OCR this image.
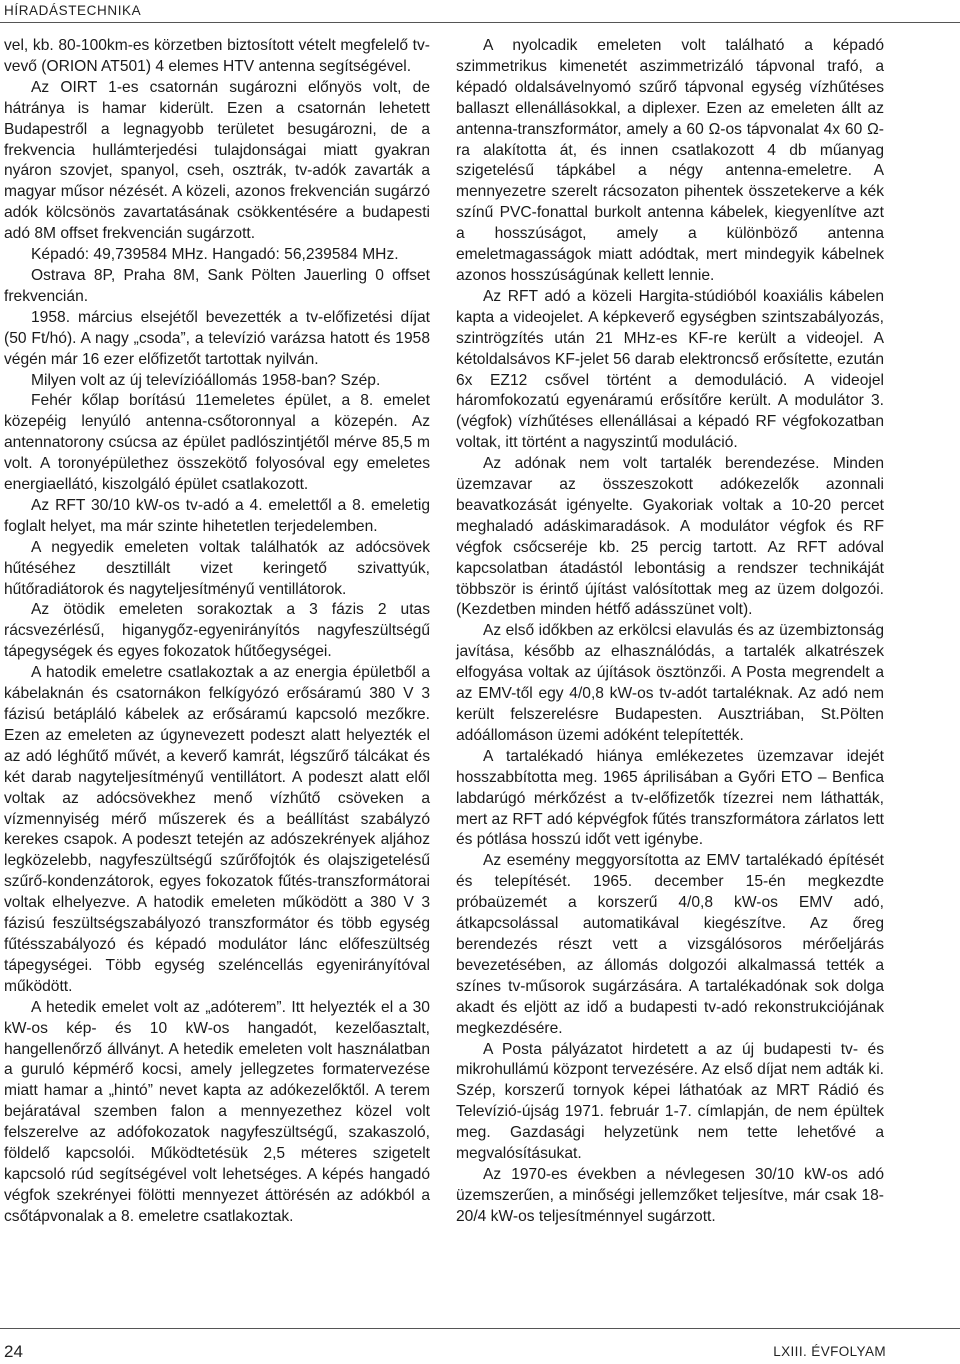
HÍRADÁSTECHNIKA

vel, kb. 80-100km-es körzetben biztosított vételt megfelelő tv-vevő (ORION AT501) 4 elemes HTV antenna segítségével.

Az OIRT 1-es csatornán sugározni előnyös volt, de hátránya is hamar kiderült. Ezen a csatornán lehetett Budapestről a legnagyobb területet besugározni, de a frekvencia hullámterjedési tulajdonságai miatt gyakran nyáron szovjet, spanyol, cseh, osztrák, tv-adók zavarták a magyar műsor nézését. A közeli, azonos frekvencián sugárzó adók kölcsönös zavartatásának csökkentésére a budapesti adó 8M offset frekvencián sugárzott.

Képadó: 49,739584 MHz. Hangadó: 56,239584 MHz.

Ostrava 8P, Praha 8M, Sank Pölten Jauerling 0 offset frekvencián.

1958. március elsejétől bevezették a tv-előfizetési díjat (50 Ft/hó). A nagy „csoda”, a televízió varázsa hatott és 1958 végén már 16 ezer előfizetőt tartottak nyilván.

Milyen volt az új televízióállomás 1958-ban? Szép.

Fehér kőlap borítású 11emeletes épület, a 8. emelet közepéig lenyúló antenna-csőtoronnyal a közepén. Az antennatorony csúcsa az épület padlószintjétől mérve 85,5 m volt. A toronyépülethez összekötő folyosóval egy emeletes energiaellátó, kiszolgáló épület csatlakozott.

Az RFT 30/10 kW-os tv-adó a 4. emelettől a 8. emeletig foglalt helyet, ma már szinte hihetetlen terjedelemben.

A negyedik emeleten voltak találhatók az adócsövek hűtéséhez desztillált vizet keringető szivattyúk, hűtőradiátorok és nagyteljesítményű ventillátorok.

Az ötödik emeleten sorakoztak a 3 fázis 2 utas rácsvezérlésű, higanygőz-egyenirányítós nagyfeszültségű tápegységek és egyes fokozatok hűtőegységei.

A hatodik emeletre csatlakoztak a az energia épületből a kábelaknán és csatornákon felkígyózó erősáramú 380 V 3 fázisú betápláló kábelek az erősáramú kapcsoló mezőkre. Ezen az emeleten az úgynevezett podeszt alatt helyezték el az adó léghűtő művét, a keverő kamrát, légszűrő tálcákat és két darab nagyteljesítményű ventillátort. A podeszt alatt elől voltak az adócsövekhez menő vízhűtő csöveken a vízmennyiség mérő műszerek és a beállítást szabályzó kerekes csapok. A podeszt tetején az adószekrények aljához legközelebb, nagyfeszültségű szűrőfojtók és olajszigetelésű szűrő-kondenzátorok, egyes fokozatok fűtés-transzformátorai voltak elhelyezve. A hatodik emeleten működött a 380 V 3 fázisú feszültségszabályozó transzformátor és több egység fűtésszabályozó és képadó modulátor lánc előfeszültség tápegységei. Több egység szeléncellás egyenirányítóval működött.

A hetedik emelet volt az „adóterem”. Itt helyezték el a 30 kW-os kép- és 10 kW-os hangadót, kezelőasztalt, hangellenőrző állványt. A hetedik emeleten volt használatban a guruló képmérő kocsi, amely jellegzetes formatervezése miatt hamar a „hintó” nevet kapta az adókezelőktől. A terem bejáratával szemben falon a mennyezethez közel volt felszerelve az adófokozatok nagyfeszültségű, szakaszoló, földelő kapcsolói. Működtetésük 2,5 méteres szigetelt kapcsoló rúd segítségével volt lehetséges. A képés hangadó végfok szekrényei fölötti mennyezet áttörésén az adókból a csőtápvonalak a 8. emeletre csatlakoztak.

A nyolcadik emeleten volt található a képadó szimmetrikus kimenetét aszimmetrizáló tápvonal trafó, a képadó oldalsávelnyomó szűrő tápvonal egység vízhűtéses ballaszt ellenállásokkal, a diplexer. Ezen az emeleten állt az antenna-transzformátor, amely a 60 Ω-os tápvonalat 4x 60 Ω-ra alakította át, és innen csatlakozott 4 db műanyag szigetelésű tápkábel a négy antenna-emeletre. A mennyezetre szerelt rácsozaton pihentek összetekerve a kék színű PVC-fonattal burkolt antenna kábelek, kiegyenlítve azt a hosszúságot, amely a különböző antenna emeletmagasságok miatt adódtak, mert mindegyik kábelnek azonos hosszúságúnak kellett lennie.

Az RFT adó a közeli Hargita-stúdióból koaxiális kábelen kapta a videojelet. A képkeverő egységben szintszabályozás, szintrögzítés után 21 MHz-es KF-re került a videojel. A kétoldalsávos KF-jelet 56 darab elektroncső erősítette, ezután 6x EZ12 csővel történt a demoduláció. A videojel háromfokozatú egyenáramú erősítőre került. A modulátor 3. (végfok) vízhűtéses ellenállásai a képadó RF végfokozatban voltak, itt történt a nagyszintű moduláció.

Az adónak nem volt tartalék berendezése. Minden üzemzavar az összeszokott adókezelők azonnali beavatkozását igényelte. Gyakoriak voltak a 10-20 percet meghaladó adáskimaradások. A modulátor végfok és RF végfok csőcseréje kb. 25 percig tartott. Az RFT adóval kapcsolatban átadástól lebontásig a rendszer technikáját többször is érintő újítást valósítottak meg az üzem dolgozói. (Kezdetben minden hétfő adásszünet volt).

Az első időkben az erkölcsi elavulás és az üzembiztonság javítása, később az elhasználódás, a tartalék alkatrészek elfogyása voltak az újítások ösztönzői. A Posta megrendelt a az EMV-től egy 4/0,8 kW-os tv-adót tartaléknak. Az adó nem került felszerelésre Budapesten. Ausztriában, St.Pölten adóállomáson üzemi adóként telepítették.

A tartalékadó hiánya emlékezetes üzemzavar idejét hosszabbította meg. 1965 áprilisában a Győri ETO – Benfica labdarúgó mérkőzést a tv-előfizetők tízezrei nem láthatták, mert az RFT adó képvégfok fűtés transzformátora zárlatos lett és pótlása hosszú időt vett igénybe.

Az esemény meggyorsította az EMV tartalékadó építését és telepítését. 1965. december 15-én megkezdte próbaüzemét a korszerű 4/0,8 kW-os EMV adó, átkapcsolással automatikával kiegészítve. Az őreg berendezés részt vett a vizsgálósoros mérőeljárás bevezetésében, az állomás dolgozói alkalmassá tették a színes tv-műsorok sugárzására. A tartalékadónak sok dolga akadt és eljött az idő a budapesti tv-adó rekonstrukciójának megkezdésére.

A Posta pályázatot hirdetett a az új budapesti tv- és mikrohullámú központ tervezésére. Az első díjat nem adták ki. Szép, korszerű tornyok képei láthatóak az MRT Rádió és Televízió-újság 1971. február 1-7. címlapján, de nem épültek meg. Gazdasági helyzetünk nem tette lehetővé a megvalósításukat.

Az 1970-es években a névlegesen 30/10 kW-os adó üzemszerűen, a minőségi jellemzőket teljesítve, már csak 18-20/4 kW-os teljesítménnyel sugárzott.

24	LXIII. ÉVFOLYAM
